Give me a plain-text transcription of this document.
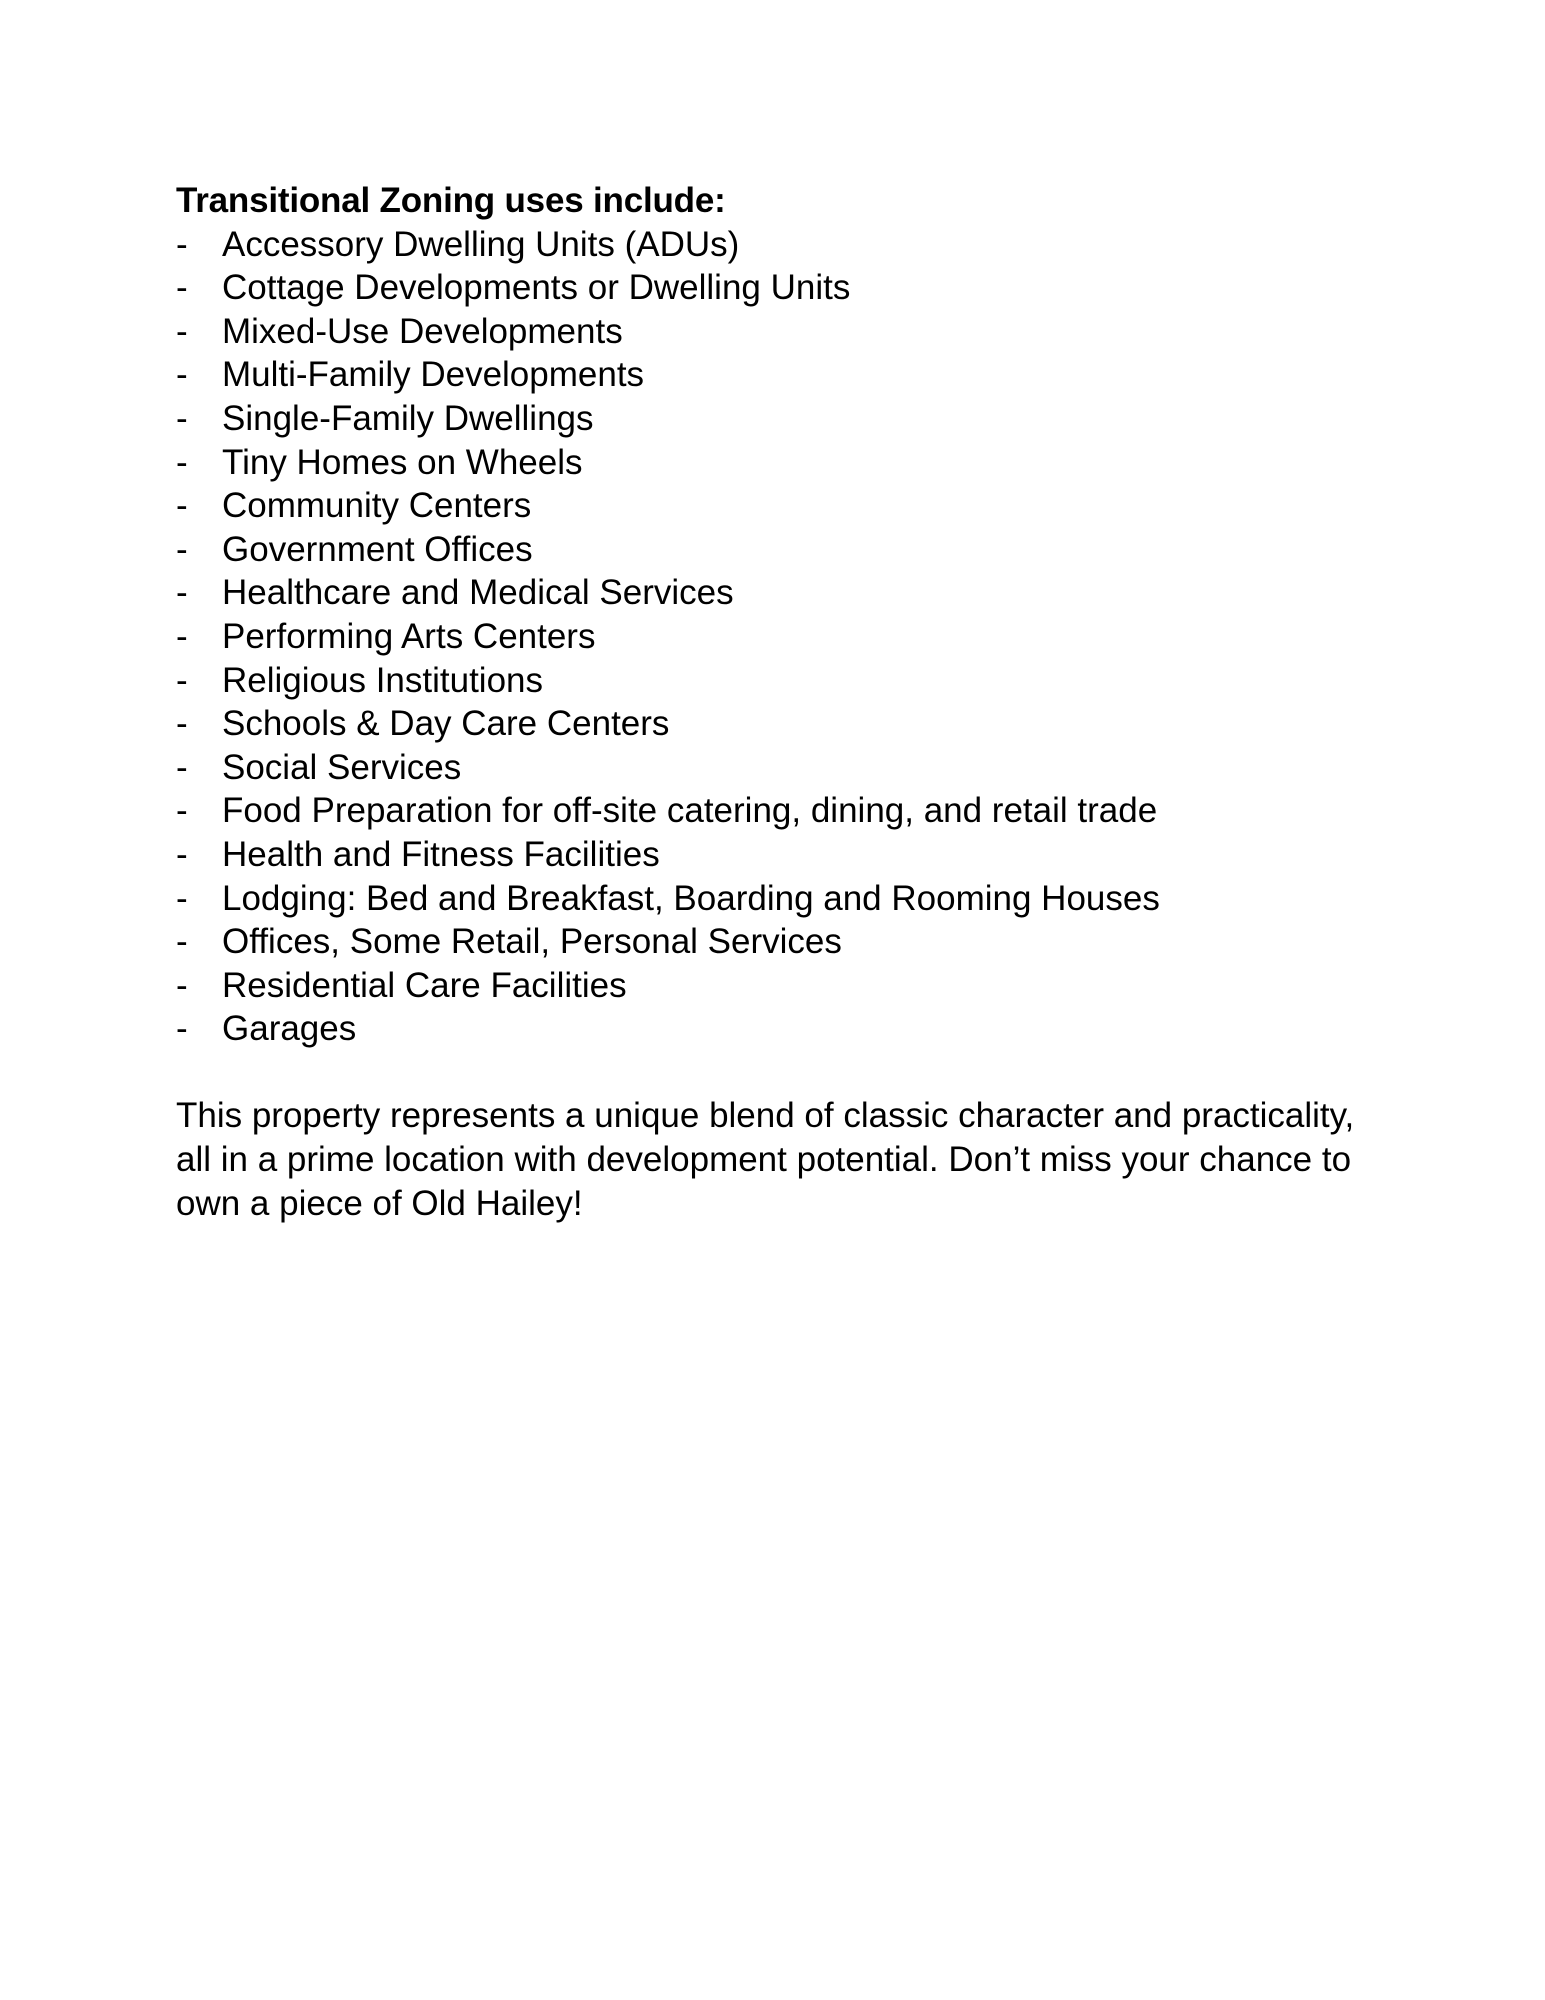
Transitional Zoning uses include:
- Accessory Dwelling Units (ADUs)
- Cottage Developments or Dwelling Units
- Mixed-Use Developments
- Multi-Family Developments
- Single-Family Dwellings
- Tiny Homes on Wheels
- Community Centers
- Government Offices
- Healthcare and Medical Services
- Performing Arts Centers
- Religious Institutions
- Schools & Day Care Centers
- Social Services
- Food Preparation for off-site catering, dining, and retail trade
- Health and Fitness Facilities
- Lodging: Bed and Breakfast, Boarding and Rooming Houses
- Offices, Some Retail, Personal Services
- Residential Care Facilities
- Garages

This property represents a unique blend of classic character and practicality,
all in a prime location with development potential. Don’t miss your chance to
own a piece of Old Hailey!
